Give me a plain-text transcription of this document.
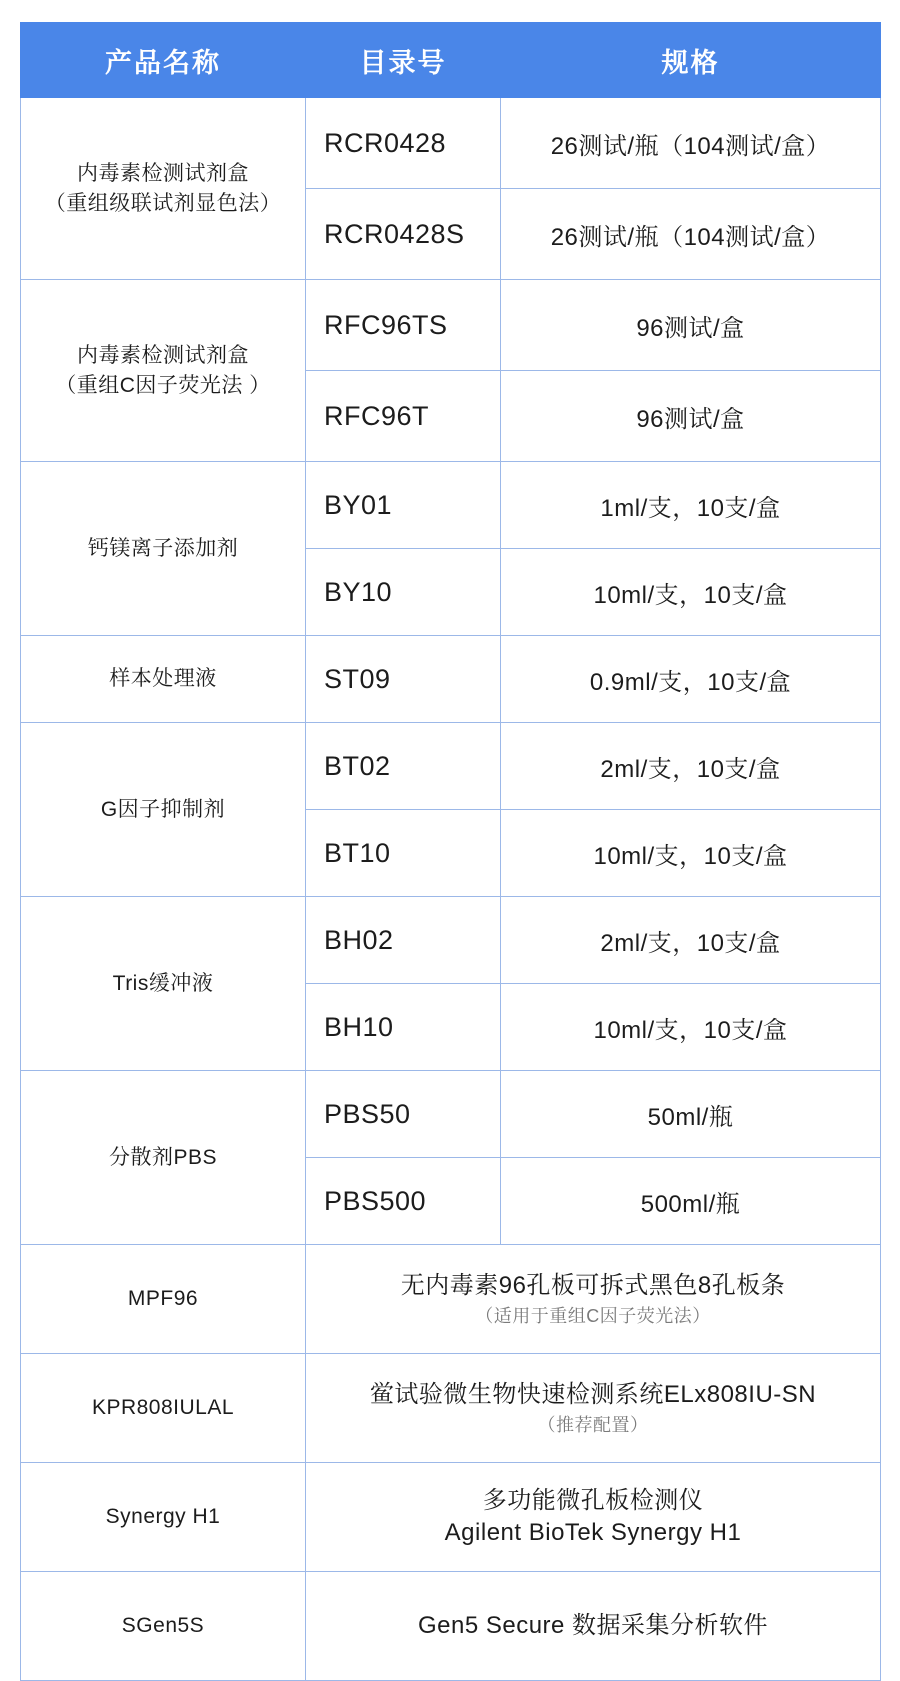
产品名称	目录号	规格
内毒素检测试剂盒
（重组级联试剂显色法）	RCR0428	26测试/瓶（104测试/盒）
	RCR0428S	26测试/瓶（104测试/盒）
内毒素检测试剂盒
（重组C因子荧光法 ）	RFC96TS	96测试/盒
	RFC96T	96测试/盒
钙镁离子添加剂	BY01	1ml/支，10支/盒
	BY10	10ml/支，10支/盒
样本处理液	ST09	0.9ml/支，10支/盒
G因子抑制剂	BT02	2ml/支，10支/盒
	BT10	10ml/支，10支/盒
Tris缓冲液	BH02	2ml/支，10支/盒
	BH10	10ml/支，10支/盒
分散剂PBS	PBS50	50ml/瓶
	PBS500	500ml/瓶
MPF96	无内毒素96孔板可拆式黑色8孔板条
（适用于重组C因子荧光法）	

KPR808IULAL	鲎试验微生物快速检测系统ELx808IU-SN
（推荐配置）	

Synergy H1	多功能微孔板检测仪
Agilent BioTek Synergy H1	

SGen5S	Gen5 Secure 数据采集分析软件	
